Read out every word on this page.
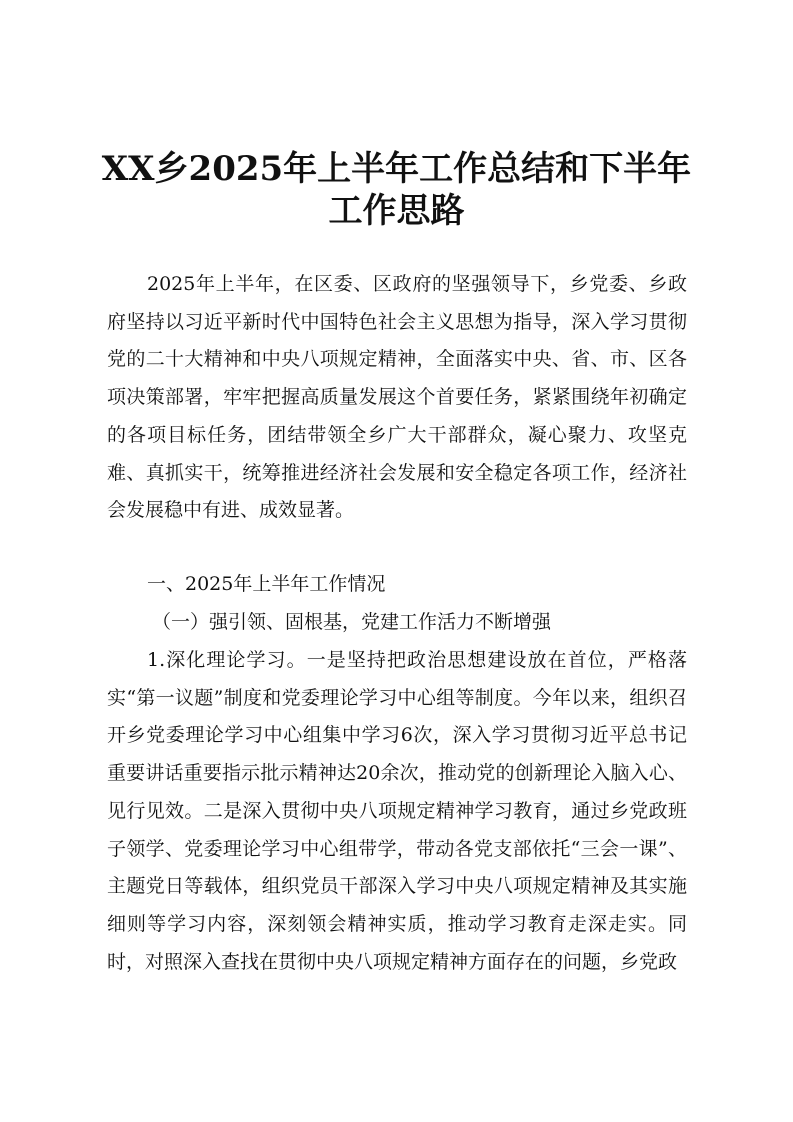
XX乡2025年上半年工作总结和下半年
工作思路

2025年上半年，在区委、区政府的坚强领导下，乡党委、乡政府坚持以习近平新时代中国特色社会主义思想为指导，深入学习贯彻党的二十大精神和中央八项规定精神，全面落实中央、省、市、区各项决策部署，牢牢把握高质量发展这个首要任务，紧紧围绕年初确定的各项目标任务，团结带领全乡广大干部群众，凝心聚力、攻坚克难、真抓实干，统筹推进经济社会发展和安全稳定各项工作，经济社会发展稳中有进、成效显著。

一、2025年上半年工作情况

（一）强引领、固根基，党建工作活力不断增强

1.深化理论学习。一是坚持把政治思想建设放在首位，严格落实“第一议题”制度和党委理论学习中心组等制度。今年以来，组织召开乡党委理论学习中心组集中学习6次，深入学习贯彻习近平总书记重要讲话重要指示批示精神达20余次，推动党的创新理论入脑入心、见行见效。二是深入贯彻中央八项规定精神学习教育，通过乡党政班子领学、党委理论学习中心组带学，带动各党支部依托“三会一课”、主题党日等载体，组织党员干部深入学习中央八项规定精神及其实施细则等学习内容，深刻领会精神实质，推动学习教育走深走实。同时，对照深入查找在贯彻中央八项规定精神方面存在的问题，乡党政
